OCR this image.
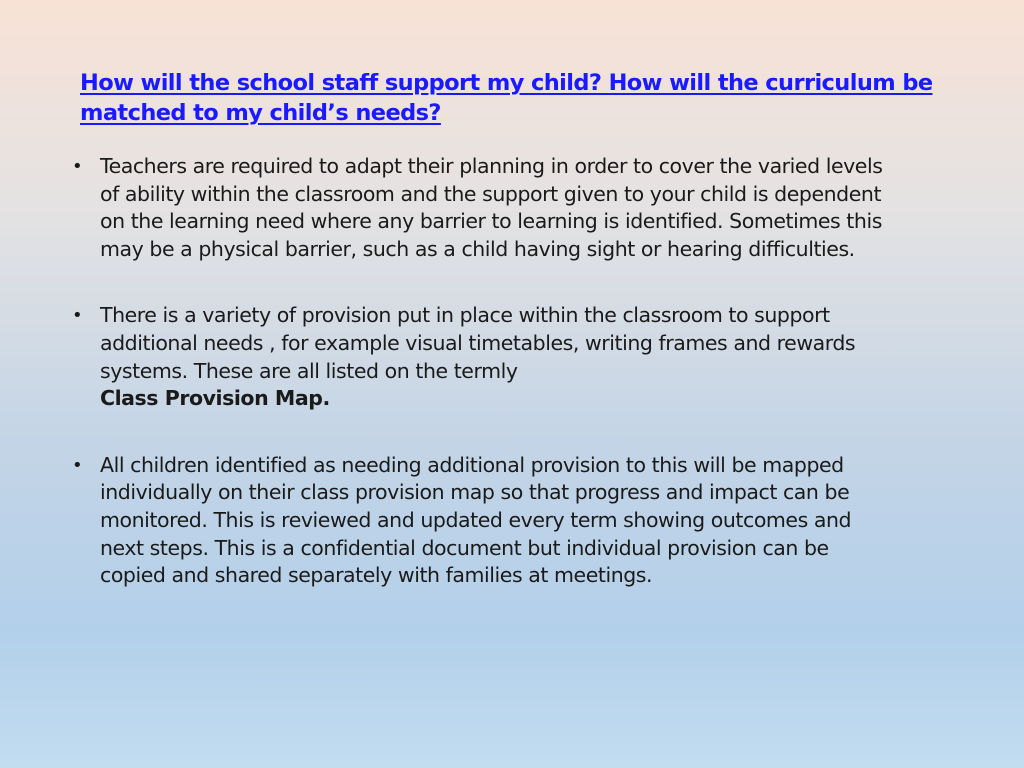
How will the school staff support my child? How will the curriculum be matched to my child’s needs?
• Teachers are required to adapt their planning in order to cover the varied levels of ability within the classroom and the support given to your child is dependent on the learning need where any barrier to learning is identified. Sometimes this may be a physical barrier, such as a child having sight or hearing difficulties.
• There is a variety of provision put in place within the classroom to support additional needs , for example visual timetables, writing frames and rewards systems. These are all listed on the termly
Class Provision Map.
• All children identified as needing additional provision to this will be mapped individually on their class provision map so that progress and impact can be monitored. This is reviewed and updated every term showing outcomes and next steps. This is a confidential document but individual provision can be copied and shared separately with families at meetings.
